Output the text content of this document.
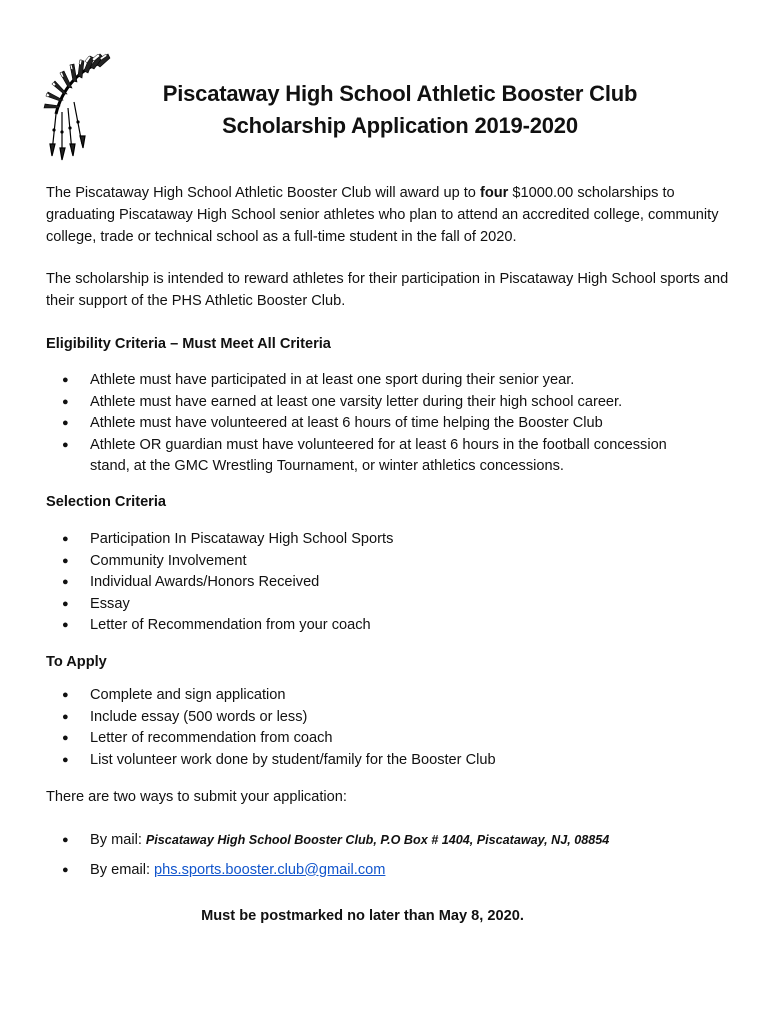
Piscataway High School Athletic Booster Club
Scholarship Application 2019-2020
The Piscataway High School Athletic Booster Club will award up to four $1000.00 scholarships to graduating Piscataway High School senior athletes who plan to attend an accredited college, community college, trade or technical school as a full-time student in the fall of 2020.
The scholarship is intended to reward athletes for their participation in Piscataway High School sports and their support of the PHS Athletic Booster Club.
Eligibility Criteria – Must Meet All Criteria
● Athlete must have participated in at least one sport during their senior year.
● Athlete must have earned at least one varsity letter during their high school career.
● Athlete must have volunteered at least 6 hours of time helping the Booster Club
● Athlete OR guardian must have volunteered for at least 6 hours in the football concession stand, at the GMC Wrestling Tournament, or winter athletics concessions.
Selection Criteria
● Participation In Piscataway High School Sports
● Community Involvement
● Individual Awards/Honors Received
● Essay
● Letter of Recommendation from your coach
To Apply
● Complete and sign application
● Include essay (500 words or less)
● Letter of recommendation from coach
● List volunteer work done by student/family for the Booster Club
There are two ways to submit your application:
● By mail: Piscataway High School Booster Club, P.O Box # 1404, Piscataway, NJ, 08854
● By email: phs.sports.booster.club@gmail.com
Must be postmarked no later than May 8, 2020.
